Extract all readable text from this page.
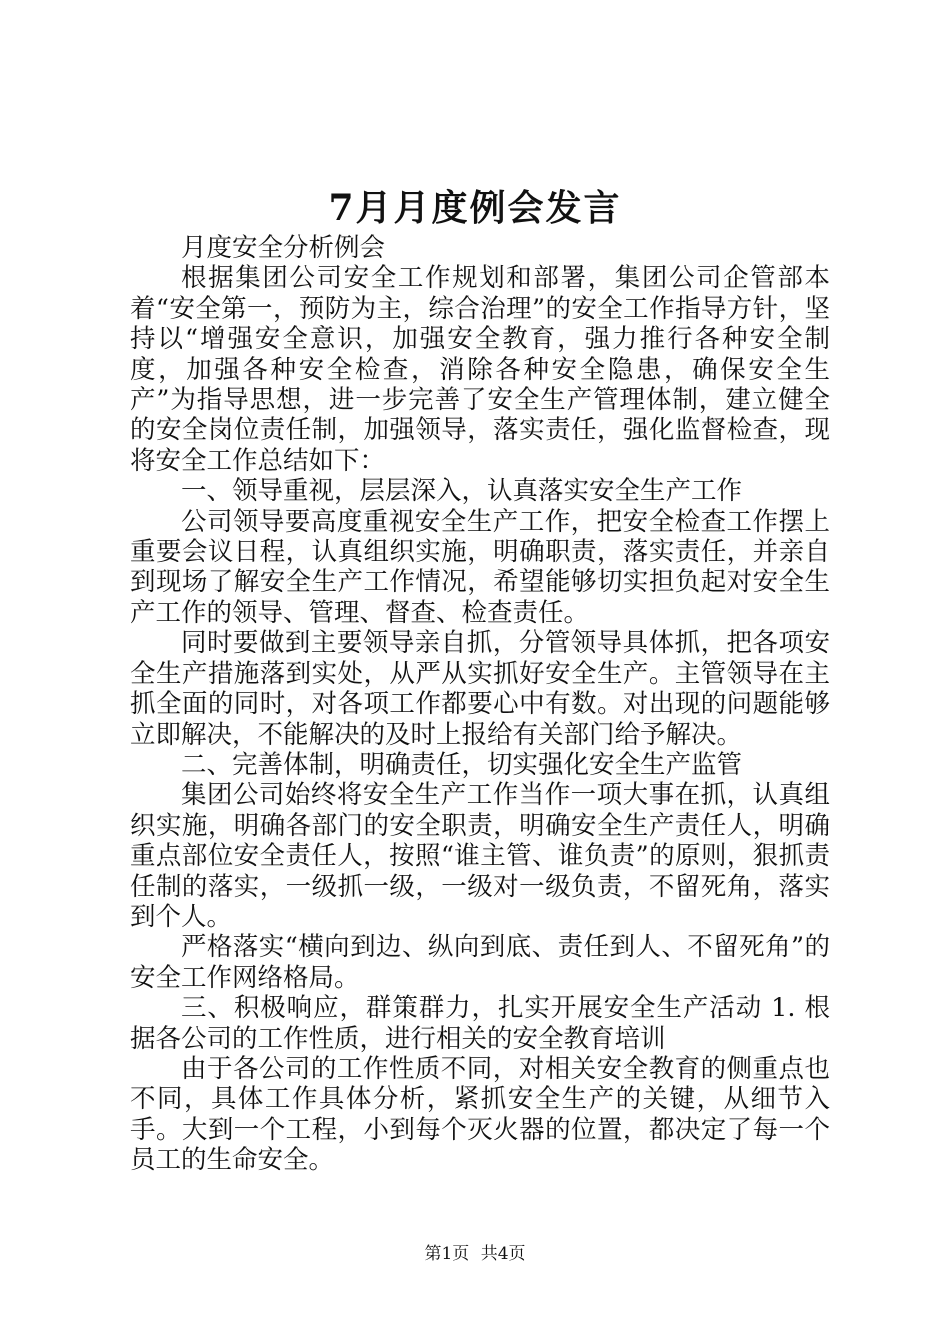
7月月度例会发言

月度安全分析例会

根据集团公司安全工作规划和部署，集团公司企管部本着“安全第一，预防为主，综合治理”的安全工作指导方针，坚持以“增强安全意识，加强安全教育，强力推行各种安全制度，加强各种安全检查，消除各种安全隐患，确保安全生产”为指导思想，进一步完善了安全生产管理体制，建立健全的安全岗位责任制，加强领导，落实责任，强化监督检查，现将安全工作总结如下：

一、领导重视，层层深入，认真落实安全生产工作

公司领导要高度重视安全生产工作，把安全检查工作摆上重要会议日程，认真组织实施，明确职责，落实责任，并亲自到现场了解安全生产工作情况，希望能够切实担负起对安全生产工作的领导、管理、督查、检查责任。

同时要做到主要领导亲自抓，分管领导具体抓，把各项安全生产措施落到实处，从严从实抓好安全生产。主管领导在主抓全面的同时，对各项工作都要心中有数。对出现的问题能够立即解决，不能解决的及时上报给有关部门给予解决。

二、完善体制，明确责任，切实强化安全生产监管

集团公司始终将安全生产工作当作一项大事在抓，认真组织实施，明确各部门的安全职责，明确安全生产责任人，明确重点部位安全责任人，按照“谁主管、谁负责”的原则，狠抓责任制的落实，一级抓一级，一级对一级负责，不留死角，落实到个人。

严格落实“横向到边、纵向到底、责任到人、不留死角”的安全工作网络格局。

三、积极响应，群策群力，扎实开展安全生产活动 1. 根据各公司的工作性质，进行相关的安全教育培训

由于各公司的工作性质不同，对相关安全教育的侧重点也不同，具体工作具体分析，紧抓安全生产的关键，从细节入手。大到一个工程，小到每个灭火器的位置，都决定了每一个员工的生命安全。

第1页 共4页
